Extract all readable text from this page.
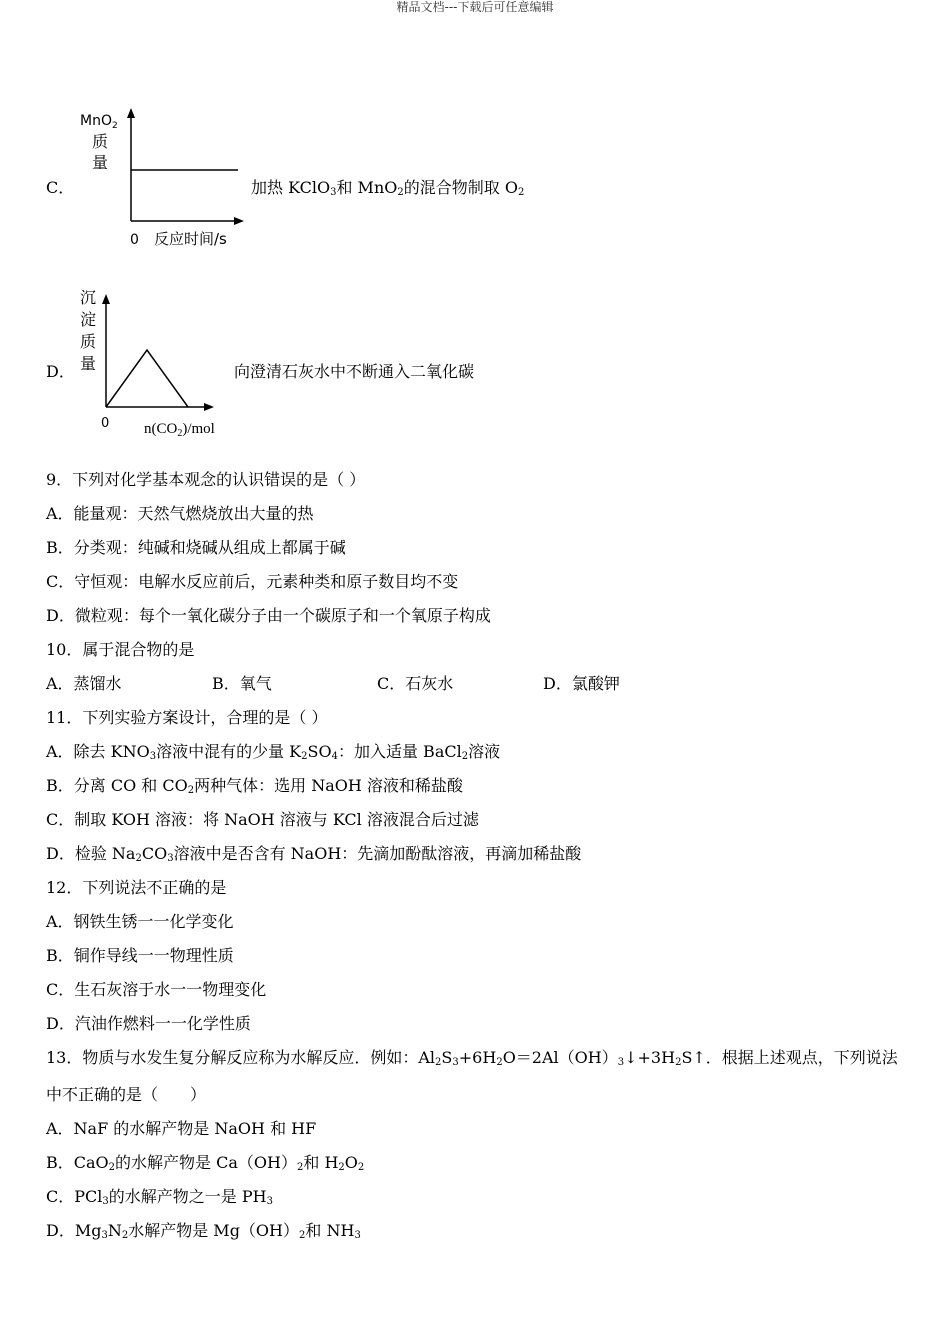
精品文档---下载后可任意编辑
C．
MnO$_2$
质
量
0 反应时间/s
加热 KClO$_3$和 MnO$_2$的混合物制取 $O_2$
D．
沉
淀
质
量
0 $n(CO_2)$/mol
向澄清石灰水中不断通入二氧化碳
9．下列对化学基本观念的认识错误的是（ ）
A．能量观：天然气燃烧放出大量的热
B．分类观：纯碱和烧碱从组成上都属于碱
C．守恒观：电解水反应前后，元素种类和原子数目均不变
D．微粒观：每个一氧化碳分子由一个碳原子和一个氧原子构成
10．属于混合物的是
A．蒸馏水	B．氧气	C．石灰水	D．氯酸钾
11．下列实验方案设计，合理的是（ ）
A．除去 $KNO_3$溶液中混有的少量 $K_2SO_4$：加入适量 BaCl$_2$溶液
B．分离 CO 和 $CO_2$两种气体：选用 NaOH 溶液和稀盐酸
C．制取 KOH 溶液：将 NaOH 溶液与 KCl 溶液混合后过滤
D．检验 $Na_2CO_3$溶液中是否含有 NaOH：先滴加酚酞溶液，再滴加稀盐酸
12．下列说法不正确的是
A．钢铁生锈一一化学变化
B．铜作导线一一物理性质
C．生石灰溶于水一一物理变化
D．汽油作燃料一一化学性质
13．物质与水发生复分解反应称为水解反应．例如：$Al_2S_3+6H_2O=2Al(OH)_3↓+3H_2S↑$．根据上述观点，下列说法
中不正确的是（　　）
A．NaF 的水解产物是 NaOH 和 HF
B．CaO$_2$的水解产物是 $Ca(OH)_2$和 $H_2O_2$
C．PCl$_3$的水解产物之一是 $PH_3$
D．$Mg_3N_2$水解产物是 $Mg(OH)_2$和 $NH_3$
